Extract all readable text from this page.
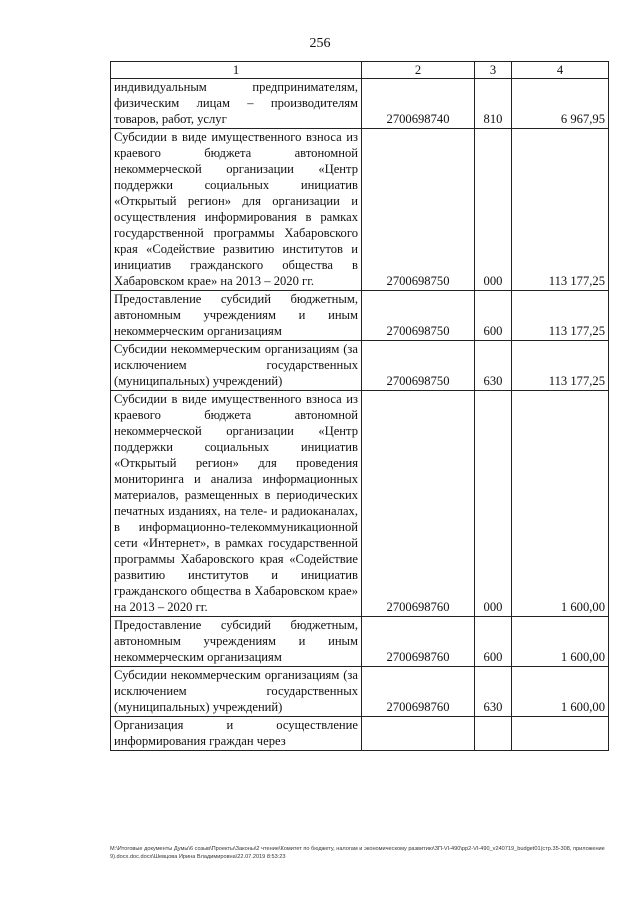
256
1	2	3	4
индивидуальным предпринимателям, физическим лицам – производителям товаров, работ, услуг	2700698740	810	6 967,95
Субсидии в виде имущественного взноса из краевого бюджета автономной некоммерческой организации «Центр поддержки социальных инициатив «Открытый регион» для организации и осуществления информирования в рамках государственной программы Хабаровского края «Содействие развитию институтов и инициатив гражданского общества в Хабаровском крае» на 2013 – 2020 гг.	2700698750	000	113 177,25
Предоставление субсидий бюджетным, автономным учреждениям и иным некоммерческим организациям	2700698750	600	113 177,25
Субсидии некоммерческим организациям (за исключением государственных (муниципальных) учреждений)	2700698750	630	113 177,25
Субсидии в виде имущественного взноса из краевого бюджета автономной некоммерческой организации «Центр поддержки социальных инициатив «Открытый регион» для проведения мониторинга и анализа информационных материалов, размещенных в периодических печатных изданиях, на теле- и радиоканалах, в информационно-телекоммуникационной сети «Интернет», в рамках государственной программы Хабаровского края «Содействие развитию институтов и инициатив гражданского общества в Хабаровском крае» на 2013 – 2020 гг.	2700698760	000	1 600,00
Предоставление субсидий бюджетным, автономным учреждениям и иным некоммерческим организациям	2700698760	600	1 600,00
Субсидии некоммерческим организациям (за исключением государственных (муниципальных) учреждений)	2700698760	630	1 600,00
Организация и осуществление информирования граждан через			
M:\Итоговые документы Думы\6 созыв\Проекты\Законы\2 чтение\Комитет по бюджету, налогам и экономическому развитию\ЗП-VI-490\рр2-VI-490_v240719_budget01(стр.35-308, приложение 9).docx.doc.docx\Шевцова Ирина Владимировна\22.07.2019 8:53:23
